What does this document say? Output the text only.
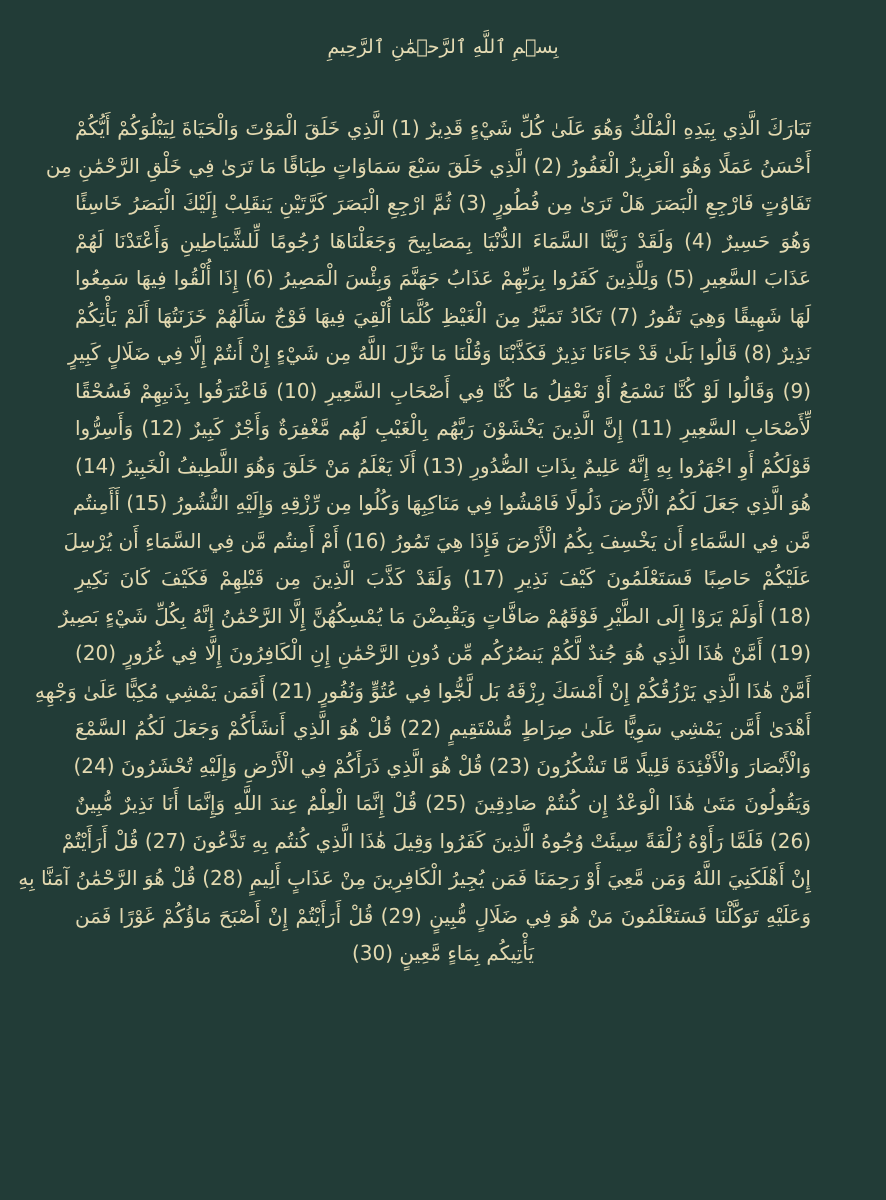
بِسۡمِ ٱللَّهِ ٱلرَّحۡمَٰنِ ٱلرَّحِيمِ
تَبَارَكَ الَّذِي بِيَدِهِ الْمُلْكُ وَهُوَ عَلَىٰ كُلِّ شَيْءٍ قَدِيرٌ (1) الَّذِي خَلَقَ الْمَوْتَ وَالْحَيَاةَ لِيَبْلُوَكُمْ أَيُّكُمْ
أَحْسَنُ عَمَلًا وَهُوَ الْعَزِيزُ الْغَفُورُ (2) الَّذِي خَلَقَ سَبْعَ سَمَاوَاتٍ طِبَاقًا مَا تَرَىٰ فِي خَلْقِ الرَّحْمَٰنِ مِن
تَفَاوُتٍ فَارْجِعِ الْبَصَرَ هَلْ تَرَىٰ مِن فُطُورٍ (3) ثُمَّ ارْجِعِ الْبَصَرَ كَرَّتَيْنِ يَنقَلِبْ إِلَيْكَ الْبَصَرُ خَاسِئًا
وَهُوَ حَسِيرٌ (4) وَلَقَدْ زَيَّنَّا السَّمَاءَ الدُّنْيَا بِمَصَابِيحَ وَجَعَلْنَاهَا رُجُومًا لِّلشَّيَاطِينِ وَأَعْتَدْنَا لَهُمْ
عَذَابَ السَّعِيرِ (5) وَلِلَّذِينَ كَفَرُوا بِرَبِّهِمْ عَذَابُ جَهَنَّمَ وَبِئْسَ الْمَصِيرُ (6) إِذَا أُلْقُوا فِيهَا سَمِعُوا
لَهَا شَهِيقًا وَهِيَ تَفُورُ (7) تَكَادُ تَمَيَّزُ مِنَ الْغَيْظِ كُلَّمَا أُلْقِيَ فِيهَا فَوْجٌ سَأَلَهُمْ خَزَنَتُهَا أَلَمْ يَأْتِكُمْ
نَذِيرٌ (8) قَالُوا بَلَىٰ قَدْ جَاءَنَا نَذِيرٌ فَكَذَّبْنَا وَقُلْنَا مَا نَزَّلَ اللَّهُ مِن شَيْءٍ إِنْ أَنتُمْ إِلَّا فِي ضَلَالٍ كَبِيرٍ
(9) وَقَالُوا لَوْ كُنَّا نَسْمَعُ أَوْ نَعْقِلُ مَا كُنَّا فِي أَصْحَابِ السَّعِيرِ (10) فَاعْتَرَفُوا بِذَنبِهِمْ فَسُحْقًا
لِّأَصْحَابِ السَّعِيرِ (11) إِنَّ الَّذِينَ يَخْشَوْنَ رَبَّهُم بِالْغَيْبِ لَهُم مَّغْفِرَةٌ وَأَجْرٌ كَبِيرٌ (12) وَأَسِرُّوا
قَوْلَكُمْ أَوِ اجْهَرُوا بِهِ إِنَّهُ عَلِيمٌ بِذَاتِ الصُّدُورِ (13) أَلَا يَعْلَمُ مَنْ خَلَقَ وَهُوَ اللَّطِيفُ الْخَبِيرُ (14)
هُوَ الَّذِي جَعَلَ لَكُمُ الْأَرْضَ ذَلُولًا فَامْشُوا فِي مَنَاكِبِهَا وَكُلُوا مِن رِّزْقِهِ وَإِلَيْهِ النُّشُورُ (15) أَأَمِنتُم
مَّن فِي السَّمَاءِ أَن يَخْسِفَ بِكُمُ الْأَرْضَ فَإِذَا هِيَ تَمُورُ (16) أَمْ أَمِنتُم مَّن فِي السَّمَاءِ أَن يُرْسِلَ
عَلَيْكُمْ حَاصِبًا فَسَتَعْلَمُونَ كَيْفَ نَذِيرِ (17) وَلَقَدْ كَذَّبَ الَّذِينَ مِن قَبْلِهِمْ فَكَيْفَ كَانَ نَكِيرِ
(18) أَوَلَمْ يَرَوْا إِلَى الطَّيْرِ فَوْقَهُمْ صَافَّاتٍ وَيَقْبِضْنَ مَا يُمْسِكُهُنَّ إِلَّا الرَّحْمَٰنُ إِنَّهُ بِكُلِّ شَيْءٍ بَصِيرٌ
(19) أَمَّنْ هَٰذَا الَّذِي هُوَ جُندٌ لَّكُمْ يَنصُرُكُم مِّن دُونِ الرَّحْمَٰنِ إِنِ الْكَافِرُونَ إِلَّا فِي غُرُورٍ (20)
أَمَّنْ هَٰذَا الَّذِي يَرْزُقُكُمْ إِنْ أَمْسَكَ رِزْقَهُ بَل لَّجُّوا فِي عُتُوٍّ وَنُفُورٍ (21) أَفَمَن يَمْشِي مُكِبًّا عَلَىٰ وَجْهِهِ
أَهْدَىٰ أَمَّن يَمْشِي سَوِيًّا عَلَىٰ صِرَاطٍ مُّسْتَقِيمٍ (22) قُلْ هُوَ الَّذِي أَنشَأَكُمْ وَجَعَلَ لَكُمُ السَّمْعَ
وَالْأَبْصَارَ وَالْأَفْئِدَةَ قَلِيلًا مَّا تَشْكُرُونَ (23) قُلْ هُوَ الَّذِي ذَرَأَكُمْ فِي الْأَرْضِ وَإِلَيْهِ تُحْشَرُونَ (24)
وَيَقُولُونَ مَتَىٰ هَٰذَا الْوَعْدُ إِن كُنتُمْ صَادِقِينَ (25) قُلْ إِنَّمَا الْعِلْمُ عِندَ اللَّهِ وَإِنَّمَا أَنَا نَذِيرٌ مُّبِينٌ
(26) فَلَمَّا رَأَوْهُ زُلْفَةً سِيئَتْ وُجُوهُ الَّذِينَ كَفَرُوا وَقِيلَ هَٰذَا الَّذِي كُنتُم بِهِ تَدَّعُونَ (27) قُلْ أَرَأَيْتُمْ
إِنْ أَهْلَكَنِيَ اللَّهُ وَمَن مَّعِيَ أَوْ رَحِمَنَا فَمَن يُجِيرُ الْكَافِرِينَ مِنْ عَذَابٍ أَلِيمٍ (28) قُلْ هُوَ الرَّحْمَٰنُ آمَنَّا بِهِ
وَعَلَيْهِ تَوَكَّلْنَا فَسَتَعْلَمُونَ مَنْ هُوَ فِي ضَلَالٍ مُّبِينٍ (29) قُلْ أَرَأَيْتُمْ إِنْ أَصْبَحَ مَاؤُكُمْ غَوْرًا فَمَن
يَأْتِيكُم بِمَاءٍ مَّعِينٍ (30)
